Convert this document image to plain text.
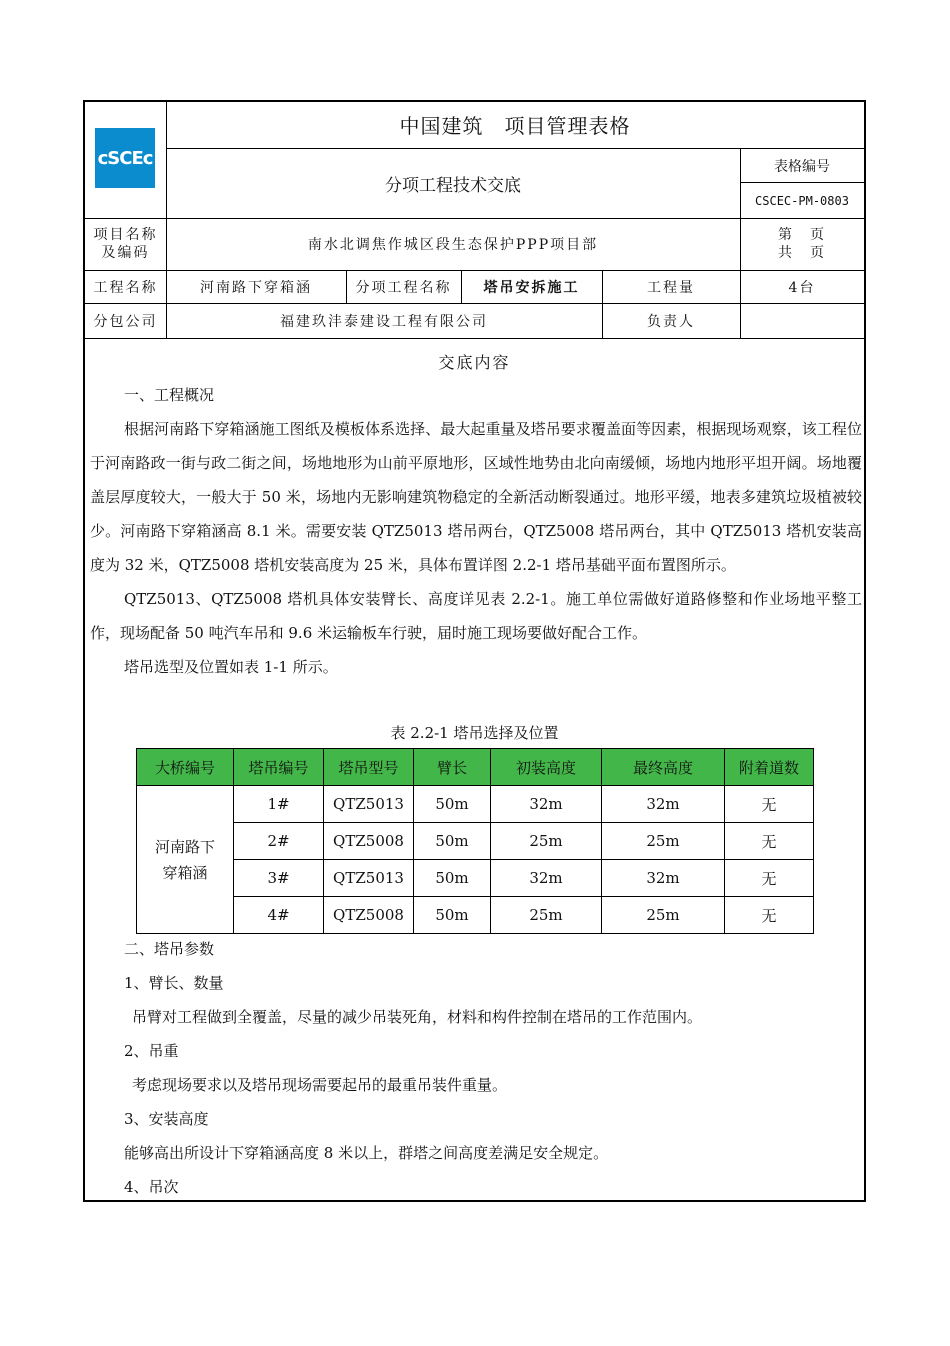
cSCEc
中国建筑　项目管理表格
分项工程技术交底
表格编号
CSCEC-PM-0803
项目名称
及编码	南水北调焦作城区段生态保护PPP项目部
第　页
共　页
工程名称	河南路下穿箱涵	分项工程名称	塔吊安拆施工	工程量	4台
分包公司	福建玖沣泰建设工程有限公司	负责人
交底内容

一、工程概况

根据河南路下穿箱涵施工图纸及模板体系选择、最大起重量及塔吊要求覆盖面等因素，根据现场观察，该工程位于河南路政一街与政二街之间，场地地形为山前平原地形，区域性地势由北向南缓倾，场地内地形平坦开阔。场地覆盖层厚度较大，一般大于 50 米，场地内无影响建筑物稳定的全新活动断裂通过。地形平缓，地表多建筑垃圾植被较少。河南路下穿箱涵高 8.1 米。需要安装 QTZ5013 塔吊两台，QTZ5008 塔吊两台，其中 QTZ5013 塔机安装高度为 32 米，QTZ5008 塔机安装高度为 25 米，具体布置详图 2.2-1 塔吊基础平面布置图所示。

QTZ5013、QTZ5008 塔机具体安装臂长、高度详见表 2.2-1。施工单位需做好道路修整和作业场地平整工作，现场配备 50 吨汽车吊和 9.6 米运输板车行驶，届时施工现场要做好配合工作。

塔吊选型及位置如表 1-1 所示。

表 2.2-1 塔吊选择及位置
大桥编号	塔吊编号	塔吊型号	臂长	初装高度	最终高度	附着道数
河南路下
穿箱涵	1#	QTZ5013	50m	32m	32m	无
	2#	QTZ5008	50m	25m	25m	无
	3#	QTZ5013	50m	32m	32m	无
	4#	QTZ5008	50m	25m	25m	无

二、塔吊参数

1、臂长、数量

吊臂对工程做到全覆盖，尽量的减少吊装死角，材料和构件控制在塔吊的工作范围内。

2、吊重

考虑现场要求以及塔吊现场需要起吊的最重吊装件重量。

3、安装高度

能够高出所设计下穿箱涵高度 8 米以上，群塔之间高度差满足安全规定。

4、吊次
